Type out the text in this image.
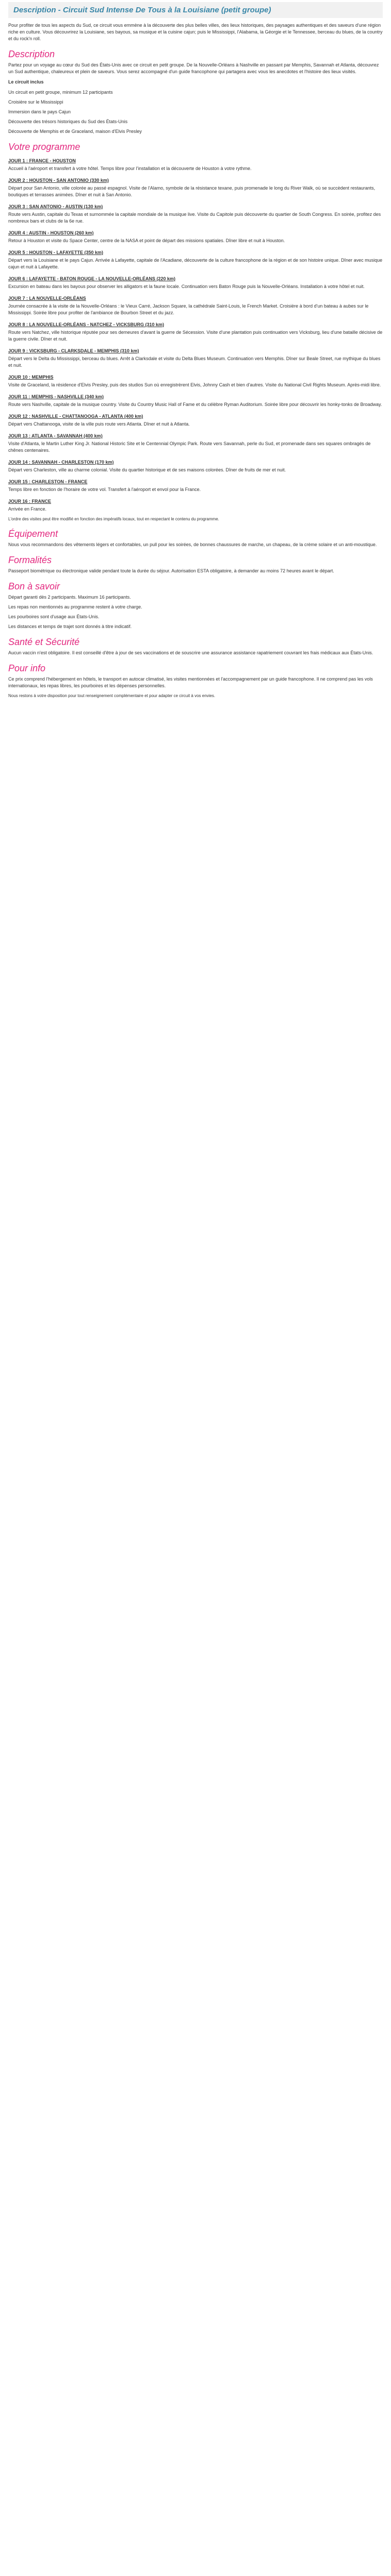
Description - Circuit Sud Intense De Tous à la Louisiane (petit groupe)

Pour profiter de tous les aspects du Sud, ce circuit vous emmène à la découverte des plus belles villes, des lieux historiques, des paysages authentiques et des saveurs d'une région riche en culture. Vous découvrirez la Louisiane, ses bayous, sa musique et la cuisine cajun; puis le Mississippi, l'Alabama, la Géorgie et le Tennessee, berceau du blues, de la country et du rock'n roll.

Description

Partez pour un voyage au cœur du Sud des États-Unis avec ce circuit en petit groupe. De la Nouvelle-Orléans à Nashville en passant par Memphis, Savannah et Atlanta, découvrez un Sud authentique, chaleureux et plein de saveurs. Vous serez accompagné d'un guide francophone qui partagera avec vous les anecdotes et l'histoire des lieux visités.

Le circuit inclus

Un circuit en petit groupe, minimum 12 participants

Croisière sur le Mississippi

Immersion dans le pays Cajun

Découverte des trésors historiques du Sud des États-Unis

Découverte de Memphis et de Graceland, maison d'Elvis Presley

Votre programme
JOUR 1 : FRANCE - HOUSTON

Accueil à l'aéroport et transfert à votre hôtel. Temps libre pour l'installation et la découverte de Houston à votre rythme.

JOUR 2 : HOUSTON - SAN ANTONIO (330 km)

Départ pour San Antonio, ville colorée au passé espagnol. Visite de l'Alamo, symbole de la résistance texane, puis promenade le long du River Walk, où se succèdent restaurants, boutiques et terrasses animées. Dîner et nuit à San Antonio.

JOUR 3 : SAN ANTONIO - AUSTIN (130 km)

Route vers Austin, capitale du Texas et surnommée la capitale mondiale de la musique live. Visite du Capitole puis découverte du quartier de South Congress. En soirée, profitez des nombreux bars et clubs de la 6e rue.

JOUR 4 : AUSTIN - HOUSTON (260 km)

Retour à Houston et visite du Space Center, centre de la NASA et point de départ des missions spatiales. Dîner libre et nuit à Houston.

JOUR 5 : HOUSTON - LAFAYETTE (350 km)

Départ vers la Louisiane et le pays Cajun. Arrivée à Lafayette, capitale de l'Acadiane, découverte de la culture francophone de la région et de son histoire unique. Dîner avec musique cajun et nuit à Lafayette.

JOUR 6 : LAFAYETTE - BATON ROUGE - LA NOUVELLE-ORLÉANS (220 km)

Excursion en bateau dans les bayous pour observer les alligators et la faune locale. Continuation vers Baton Rouge puis la Nouvelle-Orléans. Installation à votre hôtel et nuit.

JOUR 7 : LA NOUVELLE-ORLÉANS

Journée consacrée à la visite de la Nouvelle-Orléans : le Vieux Carré, Jackson Square, la cathédrale Saint-Louis, le French Market. Croisière à bord d'un bateau à aubes sur le Mississippi. Soirée libre pour profiter de l'ambiance de Bourbon Street et du jazz.

JOUR 8 : LA NOUVELLE-ORLÉANS - NATCHEZ - VICKSBURG (310 km)

Route vers Natchez, ville historique réputée pour ses demeures d'avant la guerre de Sécession. Visite d'une plantation puis continuation vers Vicksburg, lieu d'une bataille décisive de la guerre civile. Dîner et nuit.

JOUR 9 : VICKSBURG - CLARKSDALE - MEMPHIS (310 km)

Départ vers le Delta du Mississippi, berceau du blues. Arrêt à Clarksdale et visite du Delta Blues Museum. Continuation vers Memphis. Dîner sur Beale Street, rue mythique du blues et nuit.

JOUR 10 : MEMPHIS

Visite de Graceland, la résidence d'Elvis Presley, puis des studios Sun où enregistrèrent Elvis, Johnny Cash et bien d'autres. Visite du National Civil Rights Museum. Après-midi libre.

JOUR 11 : MEMPHIS - NASHVILLE (340 km)

Route vers Nashville, capitale de la musique country. Visite du Country Music Hall of Fame et du célèbre Ryman Auditorium. Soirée libre pour découvrir les honky-tonks de Broadway.

JOUR 12 : NASHVILLE - CHATTANOOGA - ATLANTA (400 km)

Départ vers Chattanooga, visite de la ville puis route vers Atlanta. Dîner et nuit à Atlanta.

JOUR 13 : ATLANTA - SAVANNAH (400 km)

Visite d'Atlanta, le Martin Luther King Jr. National Historic Site et le Centennial Olympic Park. Route vers Savannah, perle du Sud, et promenade dans ses squares ombragés de chênes centenaires.

JOUR 14 : SAVANNAH - CHARLESTON (170 km)

Départ vers Charleston, ville au charme colonial. Visite du quartier historique et de ses maisons colorées. Dîner de fruits de mer et nuit.

JOUR 15 : CHARLESTON - FRANCE

Temps libre en fonction de l'horaire de votre vol. Transfert à l'aéroport et envol pour la France.

JOUR 16 : FRANCE

Arrivée en France.

L'ordre des visites peut être modifié en fonction des impératifs locaux, tout en respectant le contenu du programme.

Équipement

Nous vous recommandons des vêtements légers et confortables, un pull pour les soirées, de bonnes chaussures de marche, un chapeau, de la crème solaire et un anti-moustique.

Formalités

Passeport biométrique ou électronique valide pendant toute la durée du séjour. Autorisation ESTA obligatoire, à demander au moins 72 heures avant le départ.

Bon à savoir

Départ garanti dès 2 participants. Maximum 16 participants.

Les repas non mentionnés au programme restent à votre charge.

Les pourboires sont d'usage aux États-Unis.

Les distances et temps de trajet sont donnés à titre indicatif.

Santé et Sécurité

Aucun vaccin n'est obligatoire. Il est conseillé d'être à jour de ses vaccinations et de souscrire une assurance assistance rapatriement couvrant les frais médicaux aux États-Unis.

Pour info

Ce prix comprend l'hébergement en hôtels, le transport en autocar climatisé, les visites mentionnées et l'accompagnement par un guide francophone. Il ne comprend pas les vols internationaux, les repas libres, les pourboires et les dépenses personnelles.

Nous restons à votre disposition pour tout renseignement complémentaire et pour adapter ce circuit à vos envies.
